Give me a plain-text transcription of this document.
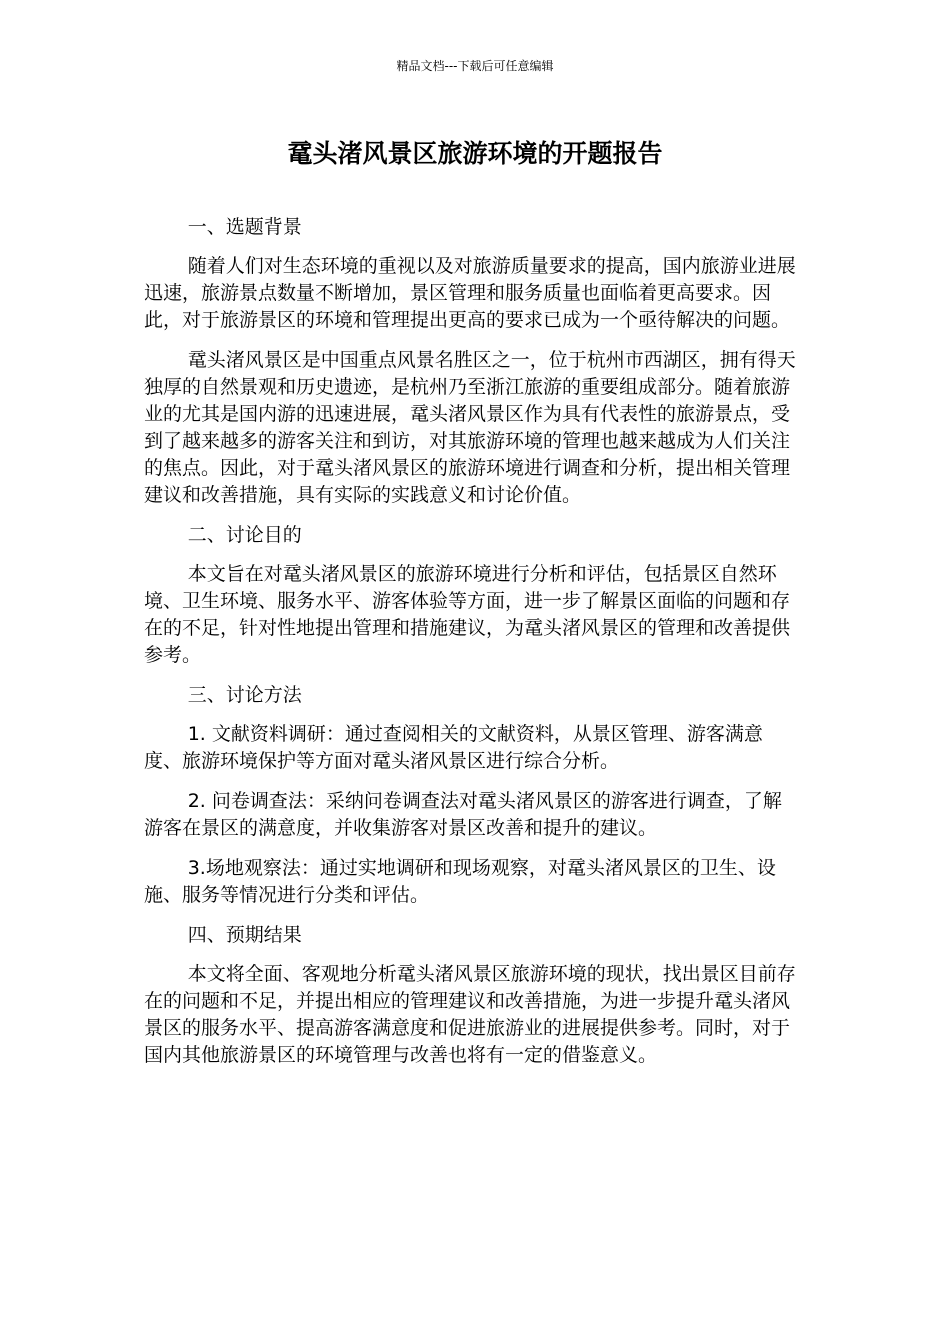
精品文档---下载后可任意编辑
鼋头渚风景区旅游环境的开题报告

一、选题背景

随着人们对生态环境的重视以及对旅游质量要求的提高，国内旅游业进展迅速，旅游景点数量不断增加，景区管理和服务质量也面临着更高要求。因此，对于旅游景区的环境和管理提出更高的要求已成为一个亟待解决的问题。

鼋头渚风景区是中国重点风景名胜区之一，位于杭州市西湖区，拥有得天独厚的自然景观和历史遗迹，是杭州乃至浙江旅游的重要组成部分。随着旅游业的尤其是国内游的迅速进展，鼋头渚风景区作为具有代表性的旅游景点，受到了越来越多的游客关注和到访，对其旅游环境的管理也越来越成为人们关注的焦点。因此，对于鼋头渚风景区的旅游环境进行调查和分析，提出相关管理建议和改善措施，具有实际的实践意义和讨论价值。

二、讨论目的

本文旨在对鼋头渚风景区的旅游环境进行分析和评估，包括景区自然环境、卫生环境、服务水平、游客体验等方面，进一步了解景区面临的问题和存在的不足，针对性地提出管理和措施建议，为鼋头渚风景区的管理和改善提供参考。

三、讨论方法

1. 文献资料调研：通过查阅相关的文献资料，从景区管理、游客满意度、旅游环境保护等方面对鼋头渚风景区进行综合分析。

2. 问卷调查法：采纳问卷调查法对鼋头渚风景区的游客进行调查，了解游客在景区的满意度，并收集游客对景区改善和提升的建议。

3.场地观察法：通过实地调研和现场观察，对鼋头渚风景区的卫生、设施、服务等情况进行分类和评估。

四、预期结果

本文将全面、客观地分析鼋头渚风景区旅游环境的现状，找出景区目前存在的问题和不足，并提出相应的管理建议和改善措施，为进一步提升鼋头渚风景区的服务水平、提高游客满意度和促进旅游业的进展提供参考。同时，对于国内其他旅游景区的环境管理与改善也将有一定的借鉴意义。
